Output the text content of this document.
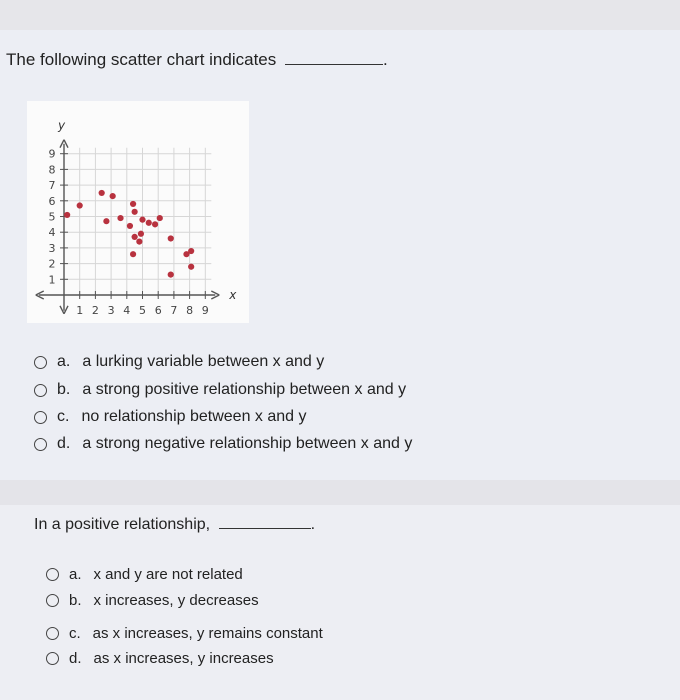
The following scatter chart indicates	.
1 2 3 4 5 6 7 8 9
1
2
3
4
5
6
7
8
9
x
y
a. a lurking variable between x and y
b. a strong positive relationship between x and y
c. no relationship between x and y
d. a strong negative relationship between x and y
In a positive relationship,	.
a. x and y are not related
b. x increases, y decreases
c. as x increases, y remains constant
d. as x increases, y increases
